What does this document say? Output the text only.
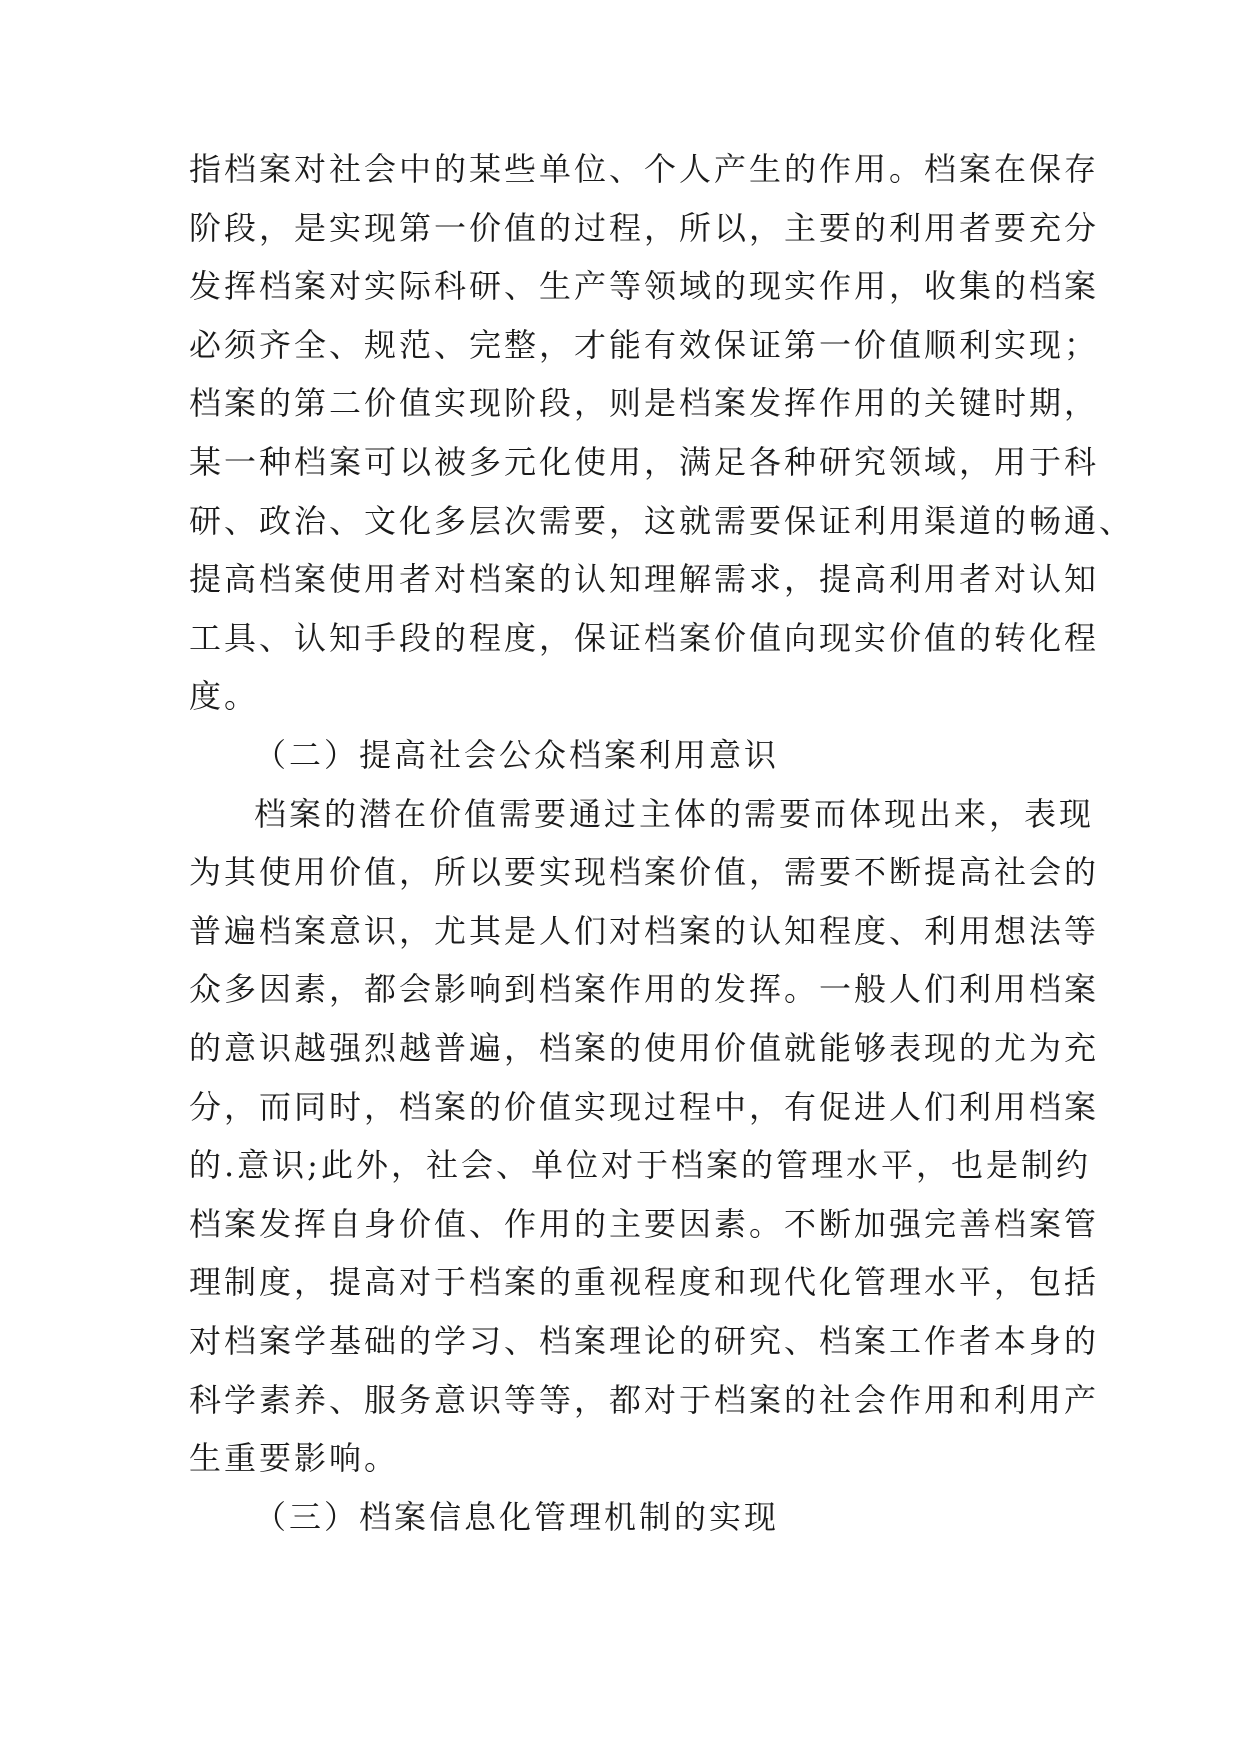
指档案对社会中的某些单位、个人产生的作用。档案在保存
阶段，是实现第一价值的过程，所以，主要的利用者要充分
发挥档案对实际科研、生产等领域的现实作用，收集的档案
必须齐全、规范、完整，才能有效保证第一价值顺利实现；
档案的第二价值实现阶段，则是档案发挥作用的关键时期，
某一种档案可以被多元化使用，满足各种研究领域，用于科
研、政治、文化多层次需要，这就需要保证利用渠道的畅通、
提高档案使用者对档案的认知理解需求，提高利用者对认知
工具、认知手段的程度，保证档案价值向现实价值的转化程
度。
（二）提高社会公众档案利用意识
档案的潜在价值需要通过主体的需要而体现出来，表现
为其使用价值，所以要实现档案价值，需要不断提高社会的
普遍档案意识，尤其是人们对档案的认知程度、利用想法等
众多因素，都会影响到档案作用的发挥。一般人们利用档案
的意识越强烈越普遍，档案的使用价值就能够表现的尤为充
分，而同时，档案的价值实现过程中，有促进人们利用档案
的.意识;此外，社会、单位对于档案的管理水平，也是制约
档案发挥自身价值、作用的主要因素。不断加强完善档案管
理制度，提高对于档案的重视程度和现代化管理水平，包括
对档案学基础的学习、档案理论的研究、档案工作者本身的
科学素养、服务意识等等，都对于档案的社会作用和利用产
生重要影响。
（三）档案信息化管理机制的实现
